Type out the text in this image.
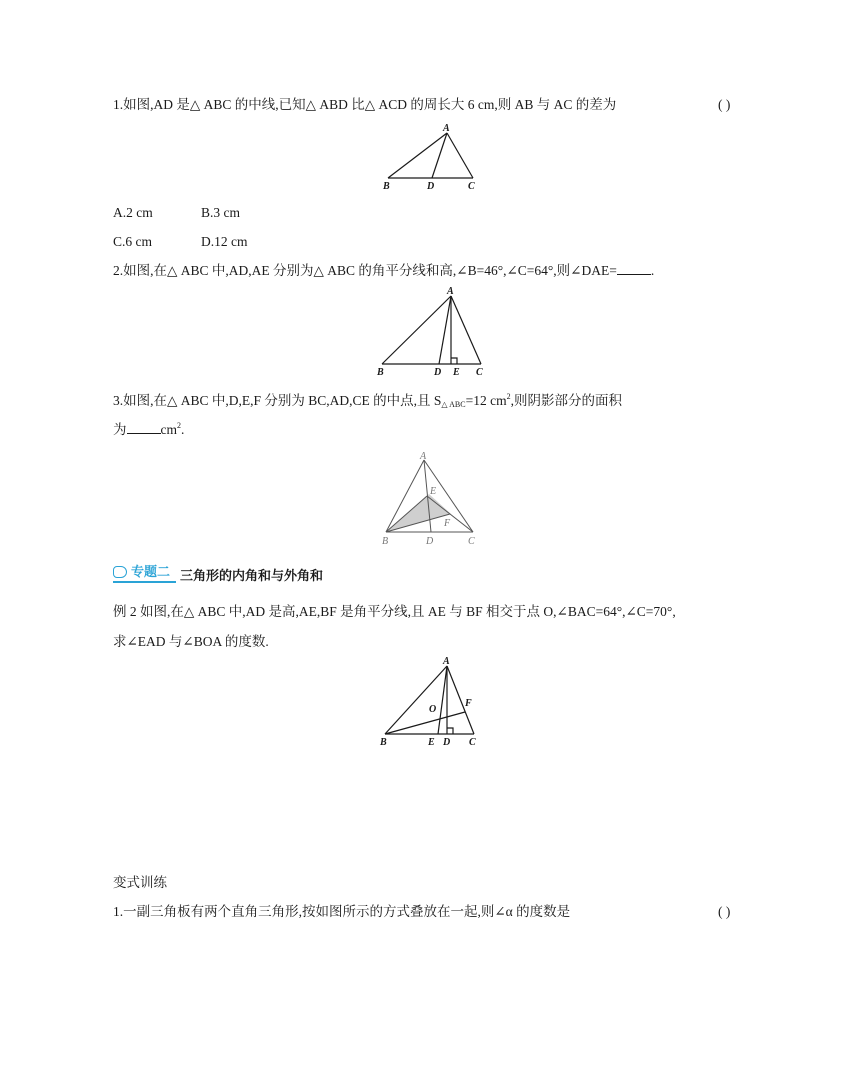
1.如图,AD 是△ ABC 的中线,已知△ ABD 比△ ACD 的周长大 6 cm,则 AB 与 AC 的差为	( )
A
B	D	C
A.2 cm	B.3 cm
C.6 cm	D.12 cm
2.如图,在△ ABC 中,AD,AE 分别为△ ABC 的角平分线和高,∠B=46°,∠C=64°,则∠DAE=	.
A
B	D E C
3.如图,在△ ABC 中,D,E,F 分别为 BC,AD,CE 的中点,且 $S_{\triangle ABC}=12$ $cm^2$,则阴影部分的面积
为	$cm^2$.
A
E
F
B	D	C
专题二 三角形的内角和与外角和
例 2 如图,在△ ABC 中,AD 是高,AE,BF 是角平分线,且 AE 与 BF 相交于点 O,∠BAC=64°,∠C=70°,
求∠EAD 与∠BOA 的度数.
A
O
F
B	E D C
变式训练
1.一副三角板有两个直角三角形,按如图所示的方式叠放在一起,则∠α 的度数是	( )
